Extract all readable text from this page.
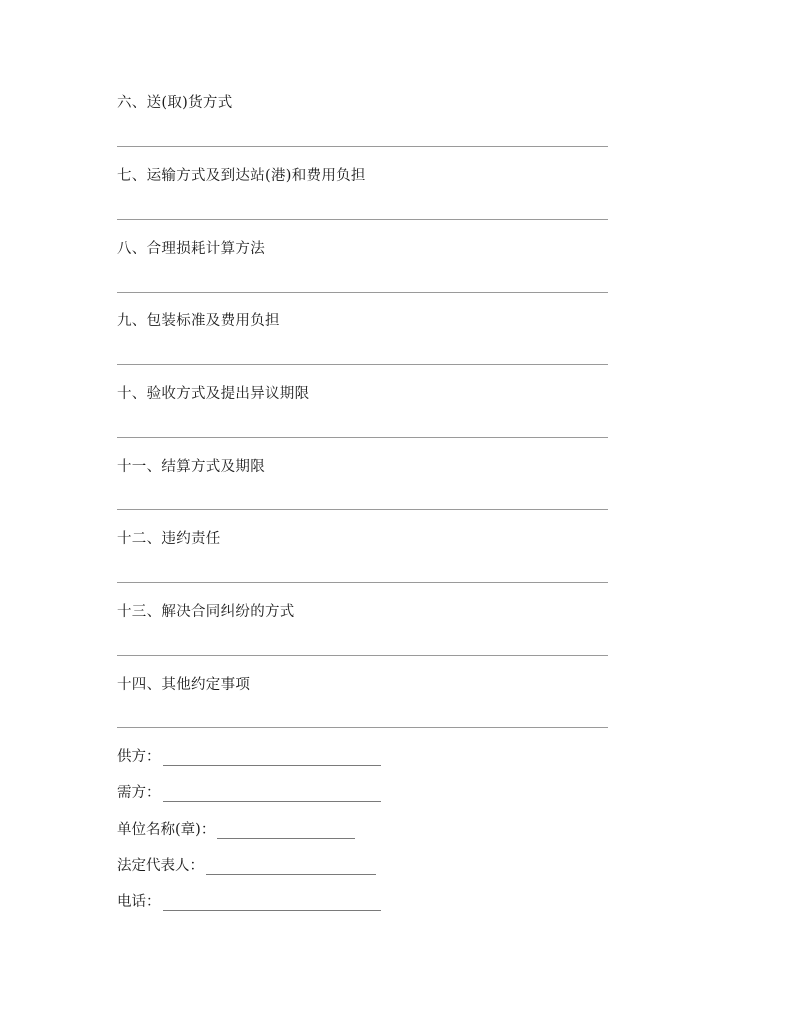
六、送(取)货方式
七、运输方式及到达站(港)和费用负担
八、合理损耗计算方法
九、包装标准及费用负担
十、验收方式及提出异议期限
十一、结算方式及期限
十二、违约责任
十三、解决合同纠纷的方式
十四、其他约定事项
供方：
需方：
单位名称(章)：
法定代表人：
电话：
